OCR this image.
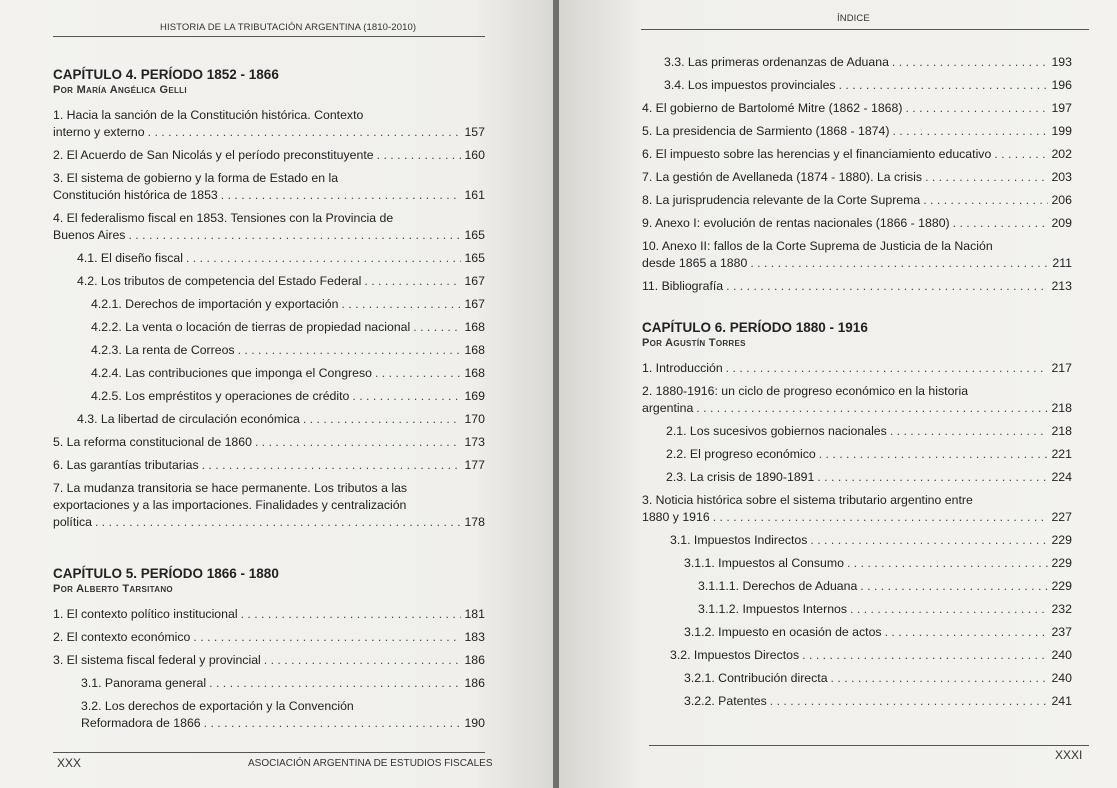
HISTORIA DE LA TRIBUTACIÓN ARGENTINA (1810-2010)
CAPÍTULO 4. PERÍODO 1852 - 1866
Por María Angélica Gelli
1. Hacia la sanción de la Constitución histórica. Contexto
interno y externo . . .	157
2. El Acuerdo de San Nicolás y el período preconstituyente . . .	160
3. El sistema de gobierno y la forma de Estado en la
Constitución histórica de 1853 . . .	161
4. El federalismo fiscal en 1853. Tensiones con la Provincia de
Buenos Aires . . .	165
4.1. El diseño fiscal . . .	165
4.2. Los tributos de competencia del Estado Federal . . .	167
4.2.1. Derechos de importación y exportación . . .	167
4.2.2. La venta o locación de tierras de propiedad nacional . . .	168
4.2.3. La renta de Correos . . .	168
4.2.4. Las contribuciones que imponga el Congreso . . .	168
4.2.5. Los empréstitos y operaciones de crédito . . .	169
4.3. La libertad de circulación económica . . .	170
5. La reforma constitucional de 1860 . . .	173
6. Las garantías tributarias . . .	177
7. La mudanza transitoria se hace permanente. Los tributos a las
exportaciones y a las importaciones. Finalidades y centralización
política . . .	178
CAPÍTULO 5. PERÍODO 1866 - 1880
Por Alberto Tarsitano
1. El contexto político institucional . . .	181
2. El contexto económico . . .	183
3. El sistema fiscal federal y provincial . . .	186
3.1. Panorama general . . .	186
3.2. Los derechos de exportación y la Convención
Reformadora de 1866 . . .	190
XXX	ASOCIACIÓN ARGENTINA DE ESTUDIOS FISCALES
ÍNDICE
3.3. Las primeras ordenanzas de Aduana . . .	193
3.4. Los impuestos provinciales . . .	196
4. El gobierno de Bartolomé Mitre (1862 - 1868) . . .	197
5. La presidencia de Sarmiento (1868 - 1874) . . .	199
6. El impuesto sobre las herencias y el financiamiento educativo . . .	202
7. La gestión de Avellaneda (1874 - 1880). La crisis . . .	203
8. La jurisprudencia relevante de la Corte Suprema . . .	206
9. Anexo I: evolución de rentas nacionales (1866 - 1880) . . .	209
10. Anexo II: fallos de la Corte Suprema de Justicia de la Nación
desde 1865 a 1880 . . .	211
11. Bibliografía . . .	213
CAPÍTULO 6. PERÍODO 1880 - 1916
Por Agustín Torres
1. Introducción . . .	217
2. 1880-1916: un ciclo de progreso económico en la historia
argentina . . .	218
2.1. Los sucesivos gobiernos nacionales . . .	218
2.2. El progreso económico . . .	221
2.3. La crisis de 1890-1891 . . .	224
3. Noticia histórica sobre el sistema tributario argentino entre
1880 y 1916 . . .	227
3.1. Impuestos Indirectos . . .	229
3.1.1. Impuestos al Consumo . . .	229
3.1.1.1. Derechos de Aduana . . .	229
3.1.1.2. Impuestos Internos . . .	232
3.1.2. Impuesto en ocasión de actos . . .	237
3.2. Impuestos Directos . . .	240
3.2.1. Contribución directa . . .	240
3.2.2. Patentes . . .	241
XXXI
